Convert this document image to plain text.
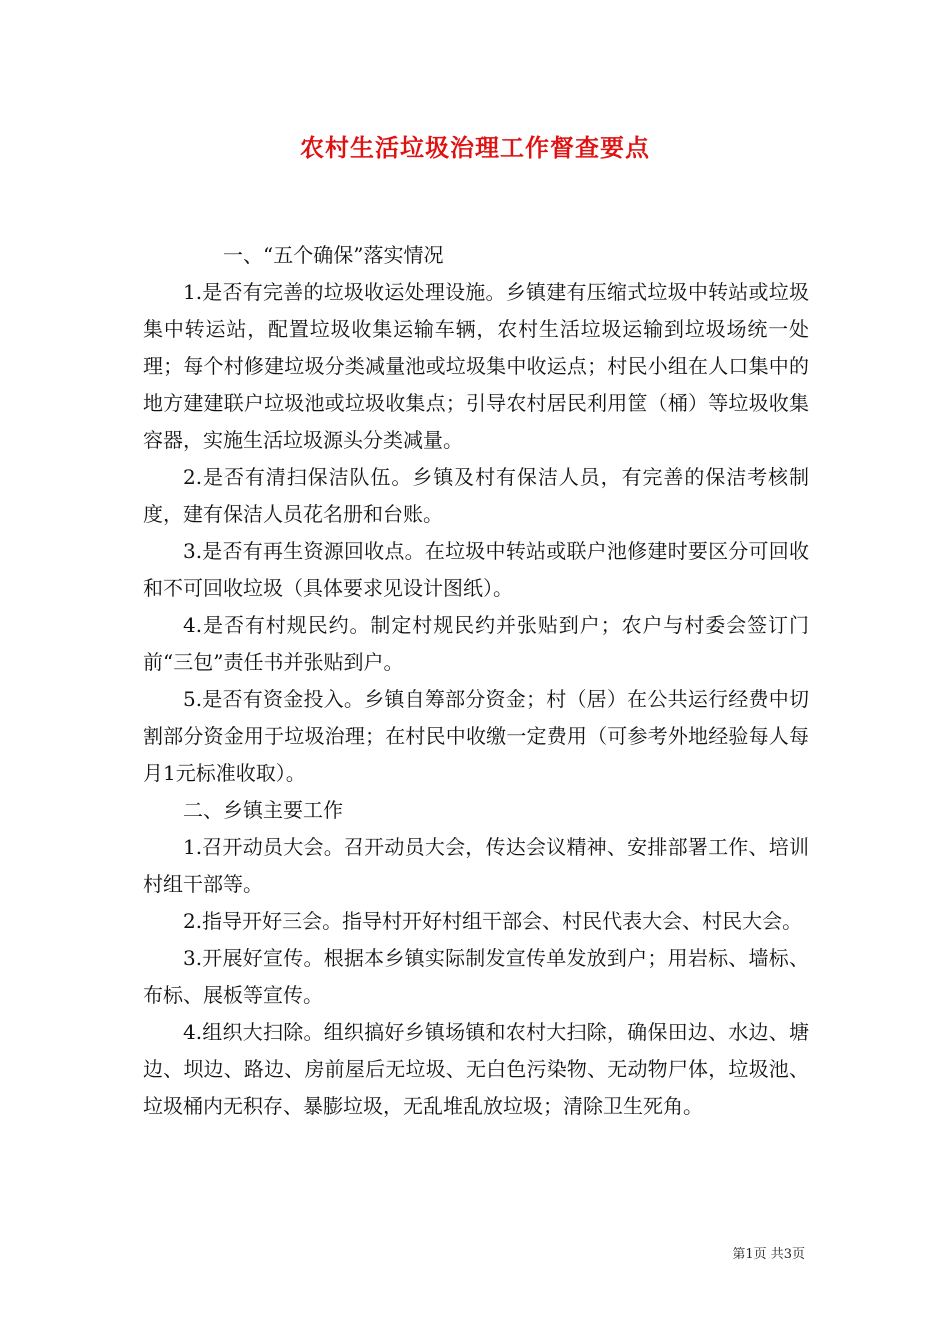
农村生活垃圾治理工作督查要点

一、“五个确保”落实情况

1.是否有完善的垃圾收运处理设施。乡镇建有压缩式垃圾中转站或垃圾集中转运站，配置垃圾收集运输车辆，农村生活垃圾运输到垃圾场统一处理；每个村修建垃圾分类减量池或垃圾集中收运点；村民小组在人口集中的地方建建联户垃圾池或垃圾收集点；引导农村居民利用筐（桶）等垃圾收集容器，实施生活垃圾源头分类减量。

2.是否有清扫保洁队伍。乡镇及村有保洁人员，有完善的保洁考核制度，建有保洁人员花名册和台账。

3.是否有再生资源回收点。在垃圾中转站或联户池修建时要区分可回收和不可回收垃圾（具体要求见设计图纸）。

4.是否有村规民约。制定村规民约并张贴到户；农户与村委会签订门前“三包”责任书并张贴到户。

5.是否有资金投入。乡镇自筹部分资金；村（居）在公共运行经费中切割部分资金用于垃圾治理；在村民中收缴一定费用（可参考外地经验每人每月1元标准收取）。

二、乡镇主要工作

1.召开动员大会。召开动员大会，传达会议精神、安排部署工作、培训村组干部等。

2.指导开好三会。指导村开好村组干部会、村民代表大会、村民大会。

3.开展好宣传。根据本乡镇实际制发宣传单发放到户；用岩标、墙标、布标、展板等宣传。

4.组织大扫除。组织搞好乡镇场镇和农村大扫除，确保田边、水边、塘边、坝边、路边、房前屋后无垃圾、无白色污染物、无动物尸体，垃圾池、垃圾桶内无积存、暴膨垃圾，无乱堆乱放垃圾；清除卫生死角。

第1页 共3页
